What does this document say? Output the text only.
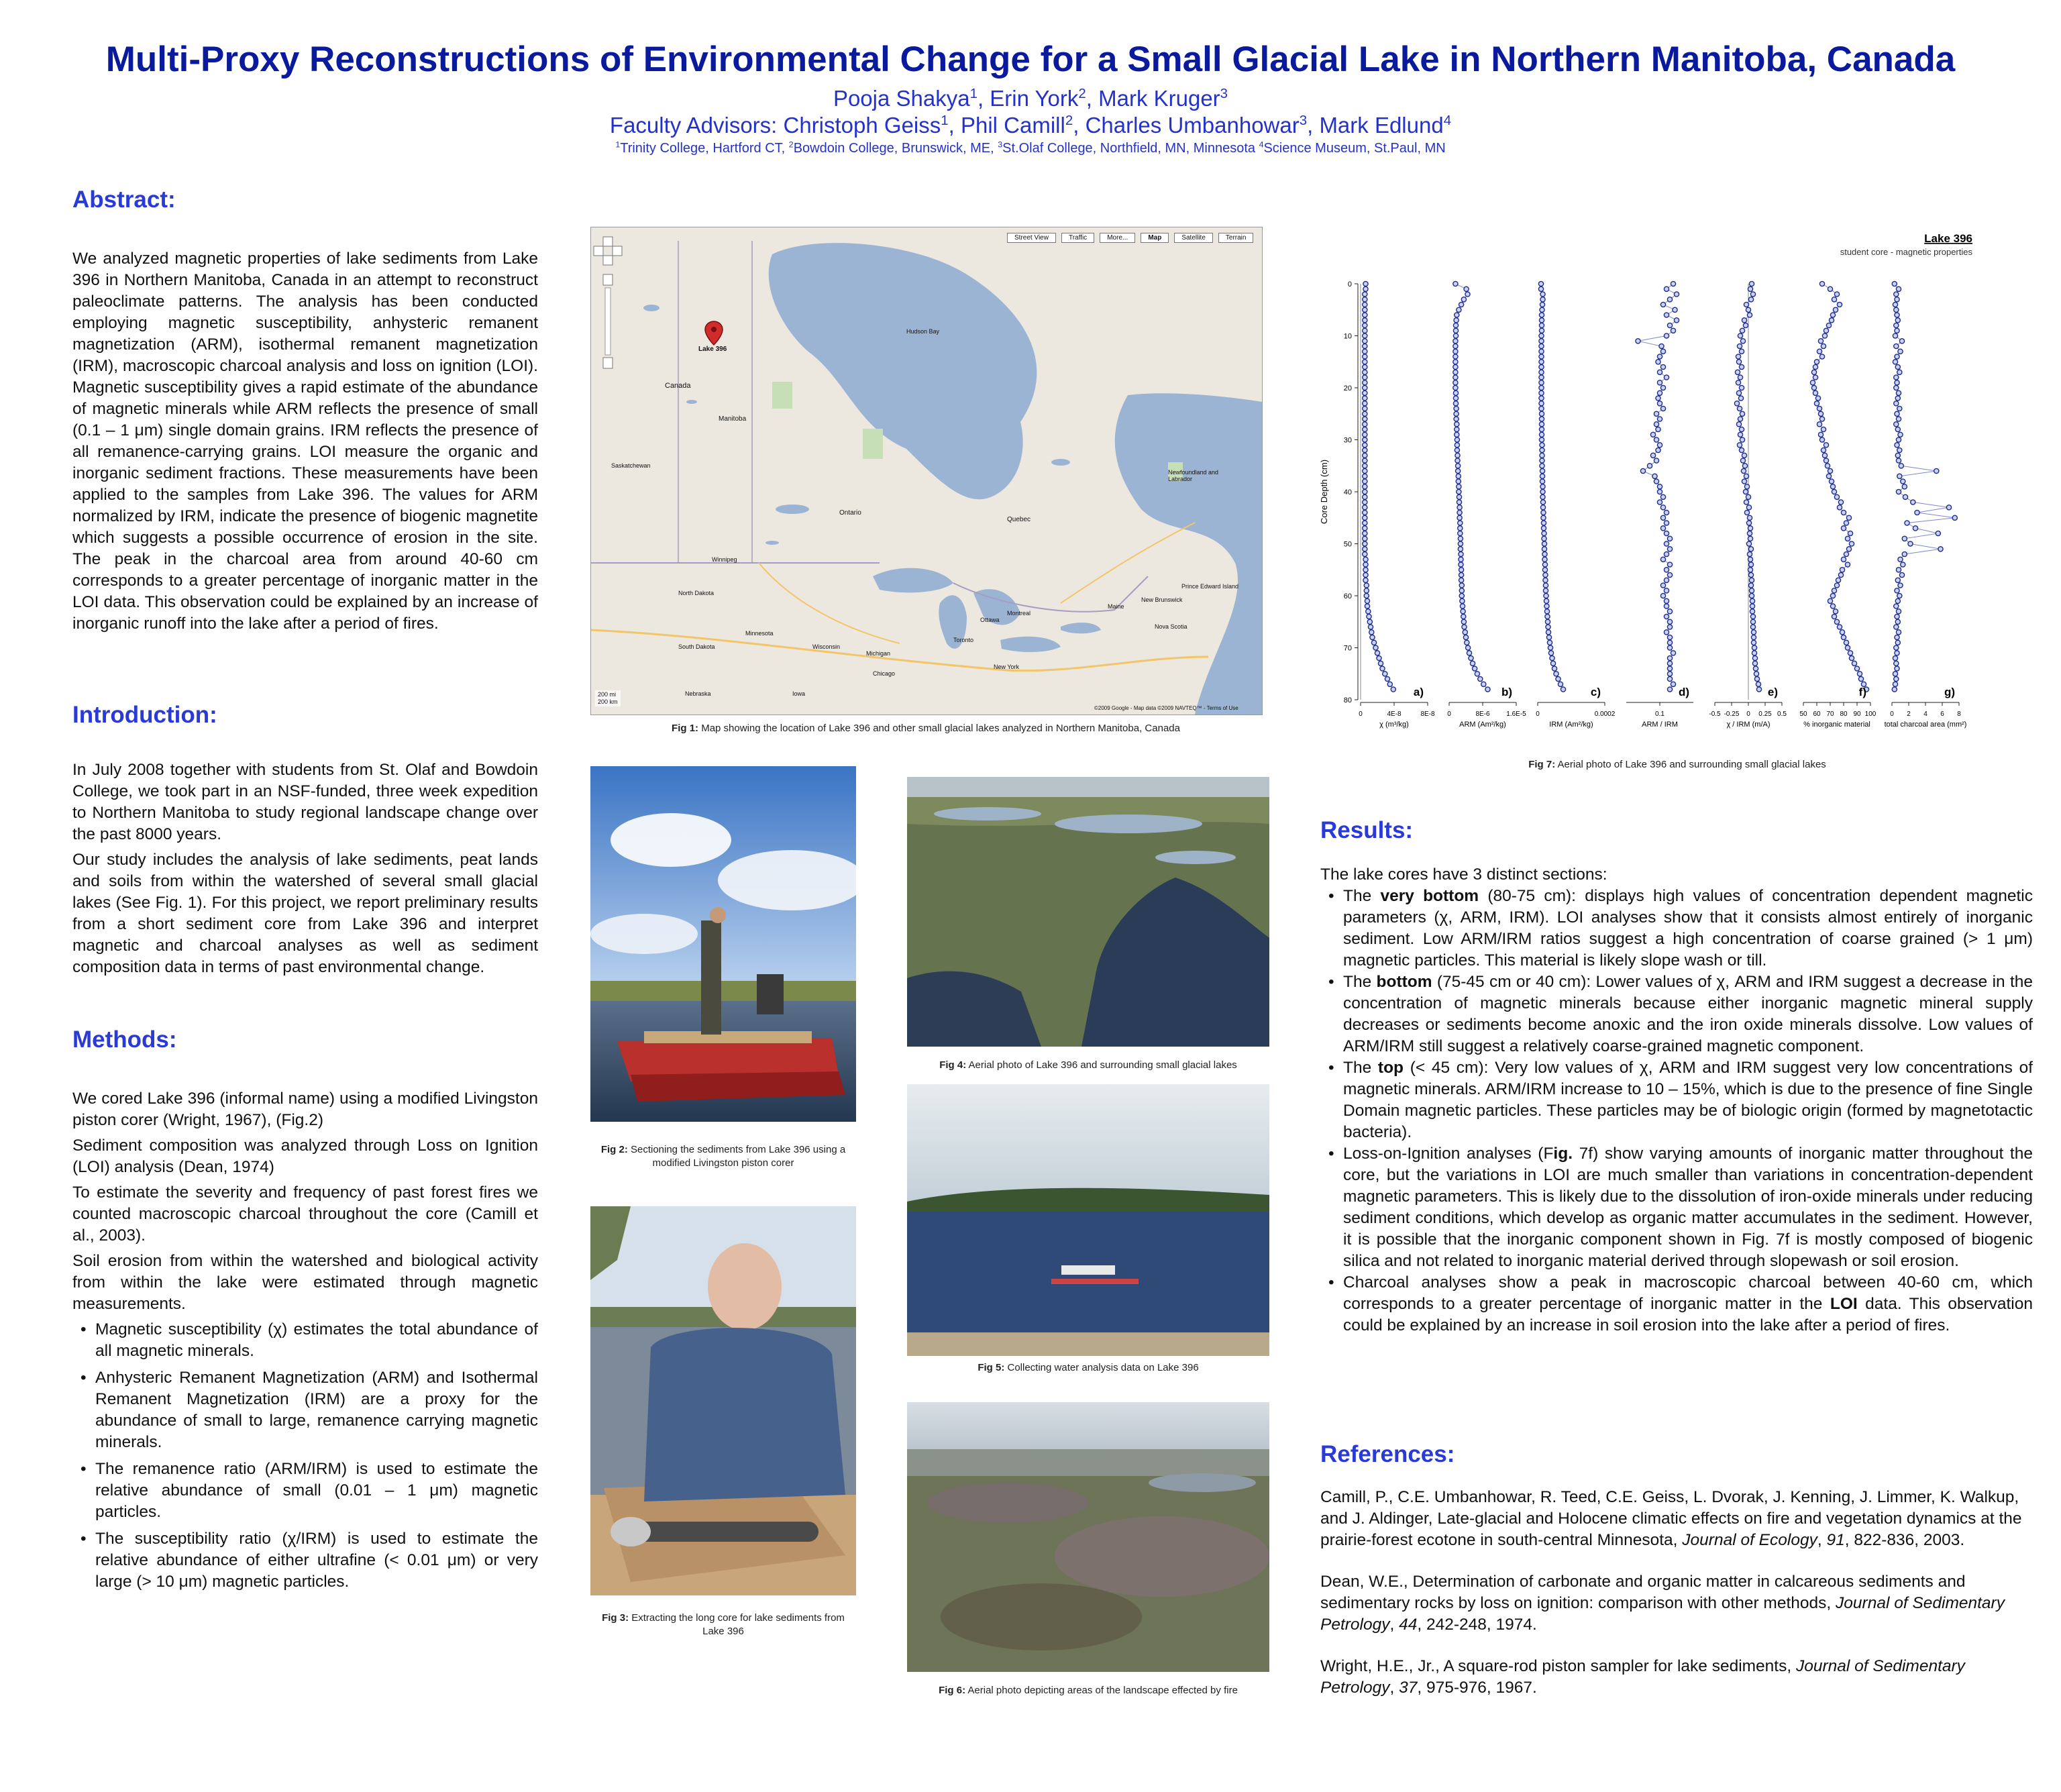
Multi-Proxy Reconstructions of Environmental Change for a Small Glacial Lake in Northern Manitoba, Canada
Pooja Shakya$^1$, Erin York$^2$, Mark Kruger$^3$
Faculty Advisors: Christoph Geiss$^1$, Phil Camill$^2$, Charles Umbanhowar$^3$, Mark Edlund$^4$
$^1$Trinity College, Hartford CT, $^2$Bowdoin College, Brunswick, ME, $^3$St.Olaf College, Northfield, MN, Minnesota $^4$Science Museum, St.Paul, MN
Abstract:
We analyzed magnetic properties of lake sediments from Lake 396 in Northern Manitoba, Canada in an attempt to reconstruct paleoclimate patterns. The analysis has been conducted employing magnetic susceptibility, anhysteric remanent magnetization (ARM), isothermal remanent magnetization (IRM), macroscopic charcoal analysis and loss on ignition (LOI). Magnetic susceptibility gives a rapid estimate of the abundance of magnetic minerals while ARM reflects the presence of small (0.1 – 1 μm) single domain grains. IRM reflects the presence of all remanence-carrying grains. LOI measure the organic and inorganic sediment fractions. These measurements have been applied to the samples from Lake 396. The values for ARM normalized by IRM, indicate the presence of biogenic magnetite which suggests a possible occurrence of erosion in the site. The peak in the charcoal area from around 40-60 cm corresponds to a greater percentage of inorganic matter in the LOI data. This observation could be explained by an increase of inorganic runoff into the lake after a period of fires.
Introduction:

In July 2008 together with students from St. Olaf and Bowdoin College, we took part in an NSF-funded, three week expedition to Northern Manitoba to study regional landscape change over the past 8000 years.

Our study includes the analysis of lake sediments, peat lands and soils from within the watershed of several small glacial lakes (See Fig. 1). For this project, we report preliminary results from a short sediment core from Lake 396 and interpret magnetic and charcoal analyses as well as sediment composition data in terms of past environmental change.

Methods:

We cored Lake 396 (informal name) using a modified Livingston piston corer (Wright, 1967), (Fig.2)

Sediment composition was analyzed through Loss on Ignition (LOI) analysis (Dean, 1974)

To estimate the severity and frequency of past forest fires we counted macroscopic charcoal throughout the core (Camill et al., 2003).

Soil erosion from within the watershed and biological activity from within the lake were estimated through magnetic measurements.

• Magnetic susceptibility (χ) estimates the total abundance of all magnetic minerals.
• Anhysteric Remanent Magnetization (ARM) and Isothermal Remanent Magnetization (IRM) are a proxy for the abundance of small to large, remanence carrying magnetic minerals.
• The remanence ratio (ARM/IRM) is used to estimate the relative abundance of small (0.01 – 1 μm) magnetic particles.
• The susceptibility ratio (χ/IRM) is used to estimate the relative abundance of either ultrafine (< 0.01 μm) or very large (> 10 μm) magnetic particles.
Street View	Traffic	More...	Map	Satellite	Terrain
Lake 396
Hudson Bay
Canada
Manitoba
Ontario
Quebec
Newfoundland and Labrador
Saskatchewan
Winnipeg
North Dakota
South Dakota
Minnesota
Wisconsin
Michigan
Iowa
Nebraska
Ottawa
Montreal
New York
Maine
Nova Scotia
New Brunswick
Prince Edward Island
Toronto
Chicago
200 mi
200 km
©2009 Google - Map data ©2009 NAVTEQ™ - Terms of Use
Fig 1: Map showing the location of Lake 396 and other small glacial lakes analyzed in Northern Manitoba, Canada
Fig 2: Sectioning the sediments from Lake 396 using a modified Livingston piston corer
Fig 3: Extracting the long core for lake sediments from Lake 396
Fig 4: Aerial photo of Lake 396 and surrounding small glacial lakes
Fig 5: Collecting water analysis data on Lake 396
Fig 6: Aerial photo depicting areas of the landscape effected by fire
Lake 396
student core - magnetic properties
Core Depth (cm)
0
10
20
30
40
50
60
70
80
0	4E-8	8E-8
χ (m³/kg)
a)
0	8E-6 1.6E-5
ARM (Am²/kg)
b)
0	0.0002
IRM (Am²/kg)
c)
0.1
ARM / IRM
d)
-0.5 -0.25 0 0.25 0.5
χ / IRM (m/A)
e)
50 60 70 80 90 100
% inorganic material
f)
0 2 4 6 8
total charcoal area (mm²)
g)
Fig 7: Aerial photo of Lake 396 and surrounding small glacial lakes
Results:

The lake cores have 3 distinct sections:

• The very bottom (80-75 cm): displays high values of concentration dependent magnetic parameters (χ, ARM, IRM). LOI analyses show that it consists almost entirely of inorganic sediment. Low ARM/IRM ratios suggest a high concentration of coarse grained (> 1 μm) magnetic particles. This material is likely slope wash or till.
• The bottom (75-45 cm or 40 cm): Lower values of χ, ARM and IRM suggest a decrease in the concentration of magnetic minerals because either inorganic magnetic mineral supply decreases or sediments become anoxic and the iron oxide minerals dissolve. Low values of ARM/IRM still suggest a relatively coarse-grained magnetic component.
• The top (< 45 cm): Very low values of χ, ARM and IRM suggest very low concentrations of magnetic minerals. ARM/IRM increase to 10 – 15%, which is due to the presence of fine Single Domain magnetic particles. These particles may be of biologic origin (formed by magnetotactic bacteria).
• Loss-on-Ignition analyses (Fig. 7f) show varying amounts of inorganic matter throughout the core, but the variations in LOI are much smaller than variations in concentration-dependent magnetic parameters. This is likely due to the dissolution of iron-oxide minerals under reducing sediment conditions, which develop as organic matter accumulates in the sediment. However, it is possible that the inorganic component shown in Fig. 7f is mostly composed of biogenic silica and not related to inorganic material derived through slopewash or soil erosion.
• Charcoal analyses show a peak in macroscopic charcoal between 40-60 cm, which corresponds to a greater percentage of inorganic matter in the LOI data. This observation could be explained by an increase in soil erosion into the lake after a period of fires.
References:

Camill, P., C.E. Umbanhowar, R. Teed, C.E. Geiss, L. Dvorak, J. Kenning, J. Limmer, K. Walkup, and J. Aldinger, Late-glacial and Holocene climatic effects on fire and vegetation dynamics at the prairie-forest ecotone in south-central Minnesota, Journal of Ecology, 91, 822-836, 2003.

Dean, W.E., Determination of carbonate and organic matter in calcareous sediments and sedimentary rocks by loss on ignition: comparison with other methods, Journal of Sedimentary Petrology, 44, 242-248, 1974.

Wright, H.E., Jr., A square-rod piston sampler for lake sediments, Journal of Sedimentary Petrology, 37, 975-976, 1967.
